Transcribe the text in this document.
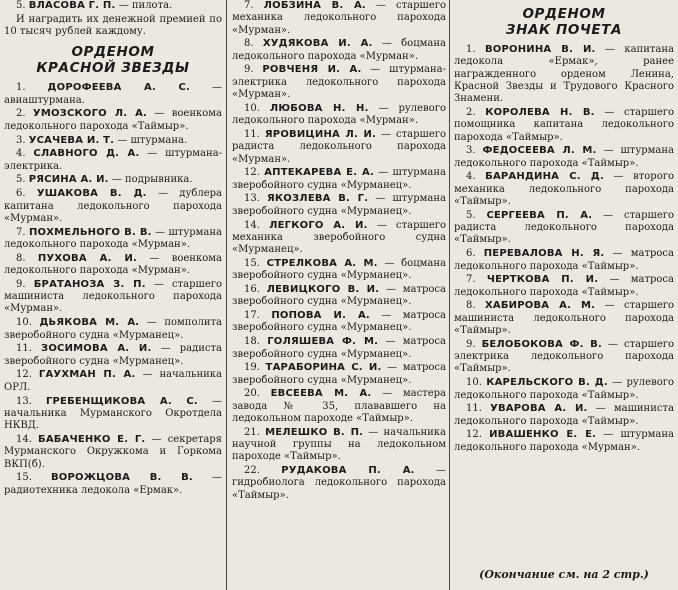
5. ВЛАСОВА Г. П. — пилота.

И наградить их денежной премией по 10 тысяч рублей каждому.

ОРДЕНОМ
КРАСНОЙ ЗВЕЗДЫ

1. ДОРОФЕЕВА А. С. — авиаштурмана.

2. УМОЗСКОГО Л. А. — военкома ледокольного парохода «Таймыр».

3. УСАЧЕВА И. Т. — штурмана.

4. СЛАВНОГО Д. А. — штурмана-электрика.

5. РЯСИНА А. И. — подрывника.

6. УШАКОВА В. Д. — дублера капитана ледокольного парохода «Мурман».

7. ПОХМЕЛЬНОГО В. В. — штурмана ледокольного парохода «Мурман».

8. ПУХОВА А. И. — военкома ледокольного парохода «Мурман».

9. БРАТАНОЗА З. П. — старшего машиниста ледокольного парохода «Мурман».

10. ДЬЯКОВА М. А. — помполита зверобойного судна «Мурманец».

11. ЗОСИМОВА А. И. — радиста зверобойного судна «Мурманец».

12. ГАУХМАН П. А. — начальника ОРЛ.

13. ГРЕБЕНЩИКОВА А. С. — начальника Мурманского Окротдела НКВД.

14. БАБАЧЕНКО Е. Г. — секретаря Мурманского Окружкома и Горкома ВКП(б).

15. ВОРОЖЦОВА В. В. — радиотехника ледокола «Ермак».

7. ЛОБЗИНА В. А. — старшего механика ледокольного парохода «Мурман».

8. ХУДЯКОВА И. А. — боцмана ледокольного парохода «Мурман».

9. РОВЧЕНЯ И. А. — штурмана-электрика ледокольного парохода «Мурман».

10. ЛЮБОВА Н. Н. — рулевого ледокольного парохода «Мурман».

11. ЯРОВИЦИНА Л. И. — старшего радиста ледокольного парохода «Мурман».

12. АПТЕКАРЕВА Е. А. — штурмана зверобойного судна «Мурманец».

13. ЯКОЗЛЕВА В. Г. — штурмана зверобойного судна «Мурманец».

14. ЛЕГКОГО А. И. — старшего механика зверобойного судна «Мурманец».

15. СТРЕЛКОВА А. М. — боцмана зверобойного судна «Мурманец».

16. ЛЕВИЦКОГО В. И. — матроса зверобойного судна «Мурманец».

17. ПОПОВА И. А. — матроса зверобойного судна «Мурманец».

18. ГОЛЯШЕВА Ф. М. — матроса зверобойного судна «Мурманец».

19. ТАРАБОРИНА С. И. — матроса зверобойного судна «Мурманец».

20. ЕВСЕЕВА М. А. — мастера завода № 35, плававшего на ледокольном пароходе «Таймыр».

21. МЕЛЕШКО В. П. — начальника научной группы на ледокольном пароходе «Таймыр».

22. РУДАКОВА П. А. — гидробиолога ледокольного парохода «Таймыр».

ОРДЕНОМ
ЗНАК ПОЧЕТА

1. ВОРОНИНА В. И. — капитана ледокола «Ермак», ранее награжденного орденом Ленина, Красной Звезды и Трудового Красного Знамени.

2. КОРОЛЕВА Н. В. — старшего помощника капитана ледокольного парохода «Таймыр».

3. ФЕДОСЕЕВА Л. М. — штурмана ледокольного парохода «Таймыр».

4. БАРАНДИНА С. Д. — второго механика ледокольного парохода «Таймыр».

5. СЕРГЕЕВА П. А. — старшего радиста ледокольного парохода «Таймыр».

6. ПЕРЕВАЛОВА Н. Я. — матроса ледокольного парохода «Таймыр».

7. ЧЕРТКОВА П. И. — матроса ледокольного парохода «Таймыр».

8. ХАБИРОВА А. М. — старшего машиниста ледокольного парохода «Таймыр».

9. БЕЛОБОКОВА Ф. В. — старшего электрика ледокольного парохода «Таймыр».

10. КАРЕЛЬСКОГО В. Д. — рулевого ледокольного парохода «Таймыр».

11. УВАРОВА А. И. — машиниста ледокольного парохода «Таймыр».

12. ИВАШЕНКО Е. Е. — штурмана ледокольного парохода «Мурман».

(Окончание см. на 2 стр.)
